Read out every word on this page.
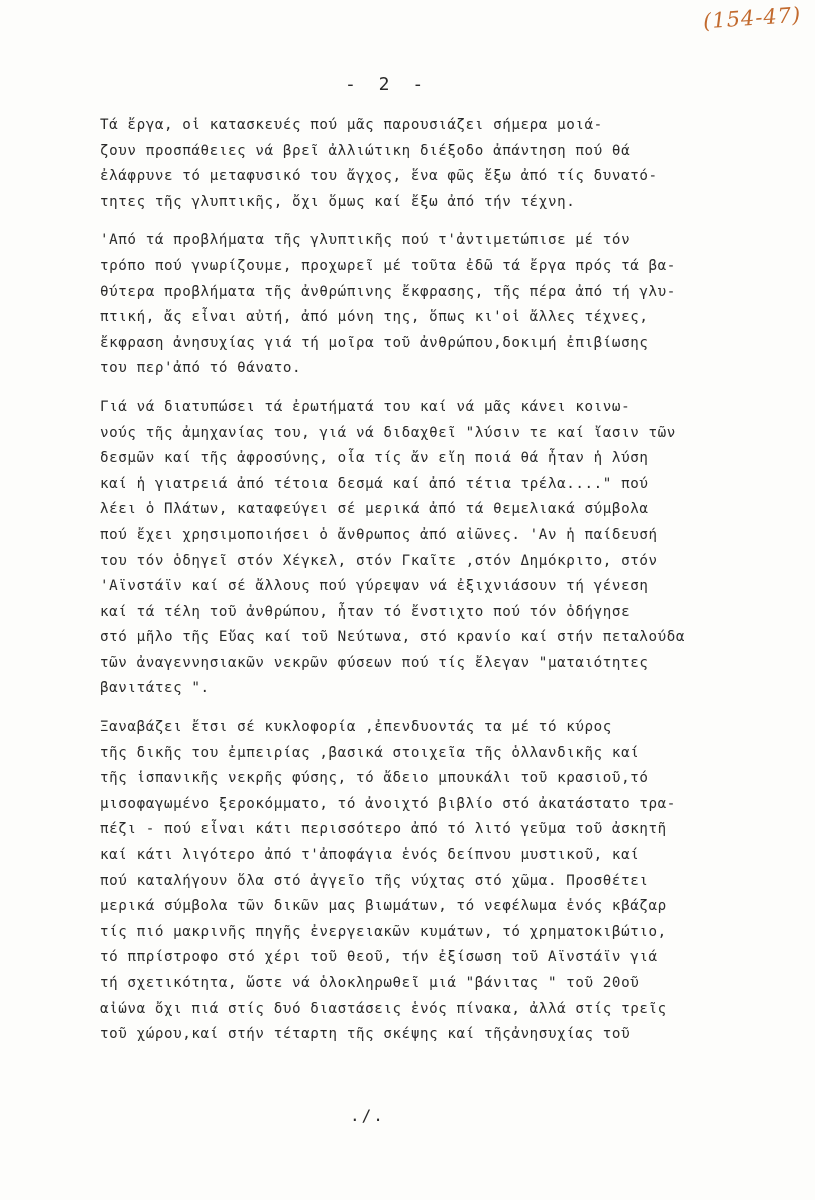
(154-47)
- 2 -

Τά ἔργα, οἱ κατασκευές πού μᾶς παρουσιάζει σήμερα μοιά-
ζουν προσπάθειες νά βρεῖ ἀλλιώτικη διέξοδο ἀπάντηση πού θά
ἐλάφρυνε τό μεταφυσικό του ἄγχος, ἕνα φῶς ἔξω ἀπό τίς δυνατό-
τητες τῆς γλυπτικῆς, ὄχι ὅμως καί ἔξω ἀπό τήν τέχνη.

'Από τά προβλήματα τῆς γλυπτικῆς πού τ'ἀντιμετώπισε μέ τόν
τρόπο πού γνωρίζουμε, προχωρεῖ μέ τοῦτα ἐδῶ τά ἔργα πρός τά βα-
θύτερα προβλήματα τῆς ἀνθρώπινης ἔκφρασης, τῆς πέρα ἀπό τή γλυ-
πτική, ἄς εἶναι αὐτή, ἀπό μόνη της, ὅπως κι'οἱ ἄλλες τέχνες,
ἔκφραση ἀνησυχίας γιά τή μοῖρα τοῦ ἀνθρώπου,δοκιμή ἐπιβίωσης
του περ'ἀπό τό θάνατο.

Γιά νά διατυπώσει τά ἐρωτήματά του καί νά μᾶς κάνει κοινω-
νούς τῆς ἀμηχανίας του, γιά νά διδαχθεῖ "λύσιν τε καί ἴασιν τῶν
δεσμῶν καί τῆς ἀφροσύνης, οἷα τίς ἄν εἴη ποιά θά ἦταν ἡ λύση
καί ἡ γιατρειά ἀπό τέτοια δεσμά καί ἀπό τέτια τρέλα...." πού
λέει ὁ Πλάτων, καταφεύγει σέ μερικά ἀπό τά θεμελιακά σύμβολα
πού ἔχει χρησιμοποιήσει ὁ ἄνθρωπος ἀπό αἰῶνες. 'Αν ἡ παίδευσή
του τόν ὁδηγεῖ στόν Χέγκελ, στόν Γκαῖτε ,στόν Δημόκριτο, στόν
'Αϊνστάϊν καί σέ ἄλλους πού γύρεψαν νά ἐξιχνιάσουν τή γένεση
καί τά τέλη τοῦ ἀνθρώπου, ἦταν τό ἔνστιχτο πού τόν ὁδήγησε
στό μῆλο τῆς Εὔας καί τοῦ Νεύτωνα, στό κρανίο καί στήν πεταλούδα
τῶν ἀναγεννησιακῶν νεκρῶν φύσεων πού τίς ἔλεγαν "ματαιότητες
βανιτάτες ".

Ξαναβάζει ἔτσι σέ κυκλοφορία ,ἐπενδυοντάς τα μέ τό κύρος
τῆς δικῆς του ἐμπειρίας ,βασικά στοιχεῖα τῆς ὁλλανδικῆς καί
τῆς ἱσπανικῆς νεκρῆς φύσης, τό ἄδειο μπουκάλι τοῦ κρασιοῦ,τό
μισοφαγωμένο ξεροκόμματο, τό ἀνοιχτό βιβλίο στό ἀκατάστατο τρα-
πέζι - πού εἶναι κάτι περισσότερο ἀπό τό λιτό γεῦμα τοῦ ἀσκητῆ
καί κάτι λιγότερο ἀπό τ'ἀποφάγια ἑνός δείπνου μυστικοῦ, καί
πού καταλήγουν ὅλα στό ἀγγεῖο τῆς νύχτας στό χῶμα. Προσθέτει
μερικά σύμβολα τῶν δικῶν μας βιωμάτων, τό νεφέλωμα ἑνός κβάζαρ
τίς πιό μακρινῆς πηγῆς ἐνεργειακῶν κυμάτων, τό χρηματοκιβώτιο,
τό ππρίστροφο στό χέρι τοῦ θεοῦ, τήν ἐξίσωση τοῦ Αϊνστάϊν γιά
τή σχετικότητα, ὥστε νά ὁλοκληρωθεῖ μιά "βάνιτας " τοῦ 20οῦ
αἰώνα ὄχι πιά στίς δυό διαστάσεις ἑνός πίνακα, ἀλλά στίς τρεῖς
τοῦ χώρου,καί στήν τέταρτη τῆς σκέψης καί τῆςἀνησυχίας τοῦ

./.
